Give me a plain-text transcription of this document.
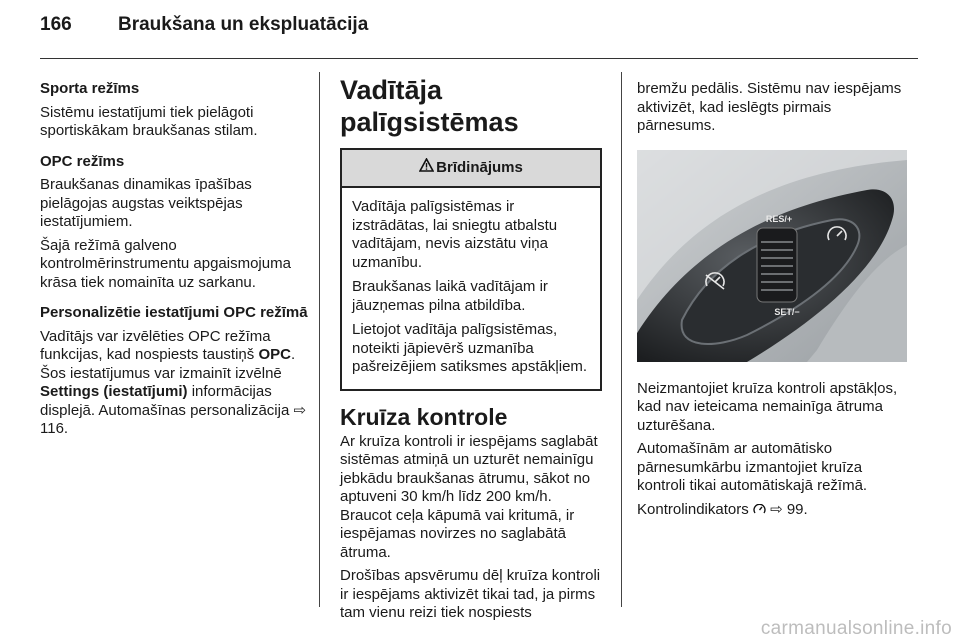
166	Braukšana un ekspluatācija

Sporta režīms

Sistēmu iestatījumi tiek pielāgoti sportiskākam braukšanas stilam.

OPC režīms

Braukšanas dinamikas īpašības pielāgojas augstas veiktspējas iestatījumiem.

Šajā režīmā galveno kontrolmērinstrumentu apgaismojuma krāsa tiek nomainīta uz sarkanu.

Personalizētie iestatījumi OPC režīmā

Vadītājs var izvēlēties OPC režīma funkcijas, kad nospiests taustiņš OPC. Šos iestatījumus var izmainīt izvēlnē Settings (iestatījumi) informācijas displejā. Automašīnas personalizācija ⇨ 116.

Vadītāja palīgsistēmas
Brīdinājums

Vadītāja palīgsistēmas ir izstrādātas, lai sniegtu atbalstu vadītājam, nevis aizstātu viņa uzmanību.

Braukšanas laikā vadītājam ir jāuzņemas pilna atbildība.

Lietojot vadītāja palīgsistēmas, noteikti jāpievērš uzmanība pašreizējiem satiksmes apstākļiem.

Kruīza kontrole

Ar kruīza kontroli ir iespējams saglabāt sistēmas atmiņā un uzturēt nemainīgu jebkādu braukšanas ātrumu, sākot no aptuveni 30 km/h līdz 200 km/h. Braucot ceļa kāpumā vai kritumā, ir iespējamas novirzes no saglabātā ātruma.

Drošības apsvērumu dēļ kruīza kontroli ir iespējams aktivizēt tikai tad, ja pirms tam vienu reizi tiek nospiests

bremžu pedālis. Sistēmu nav iespējams aktivizēt, kad ieslēgts pirmais pārnesums.

RES/+
SET/−

Neizmantojiet kruīza kontroli apstākļos, kad nav ieteicama nemainīga ātruma uzturēšana.

Automašīnām ar automātisko pārnesumkārbu izmantojiet kruīza kontroli tikai automātiskajā režīmā.

Kontrolindikators  ⇨ 99.

carmanualsonline.info
